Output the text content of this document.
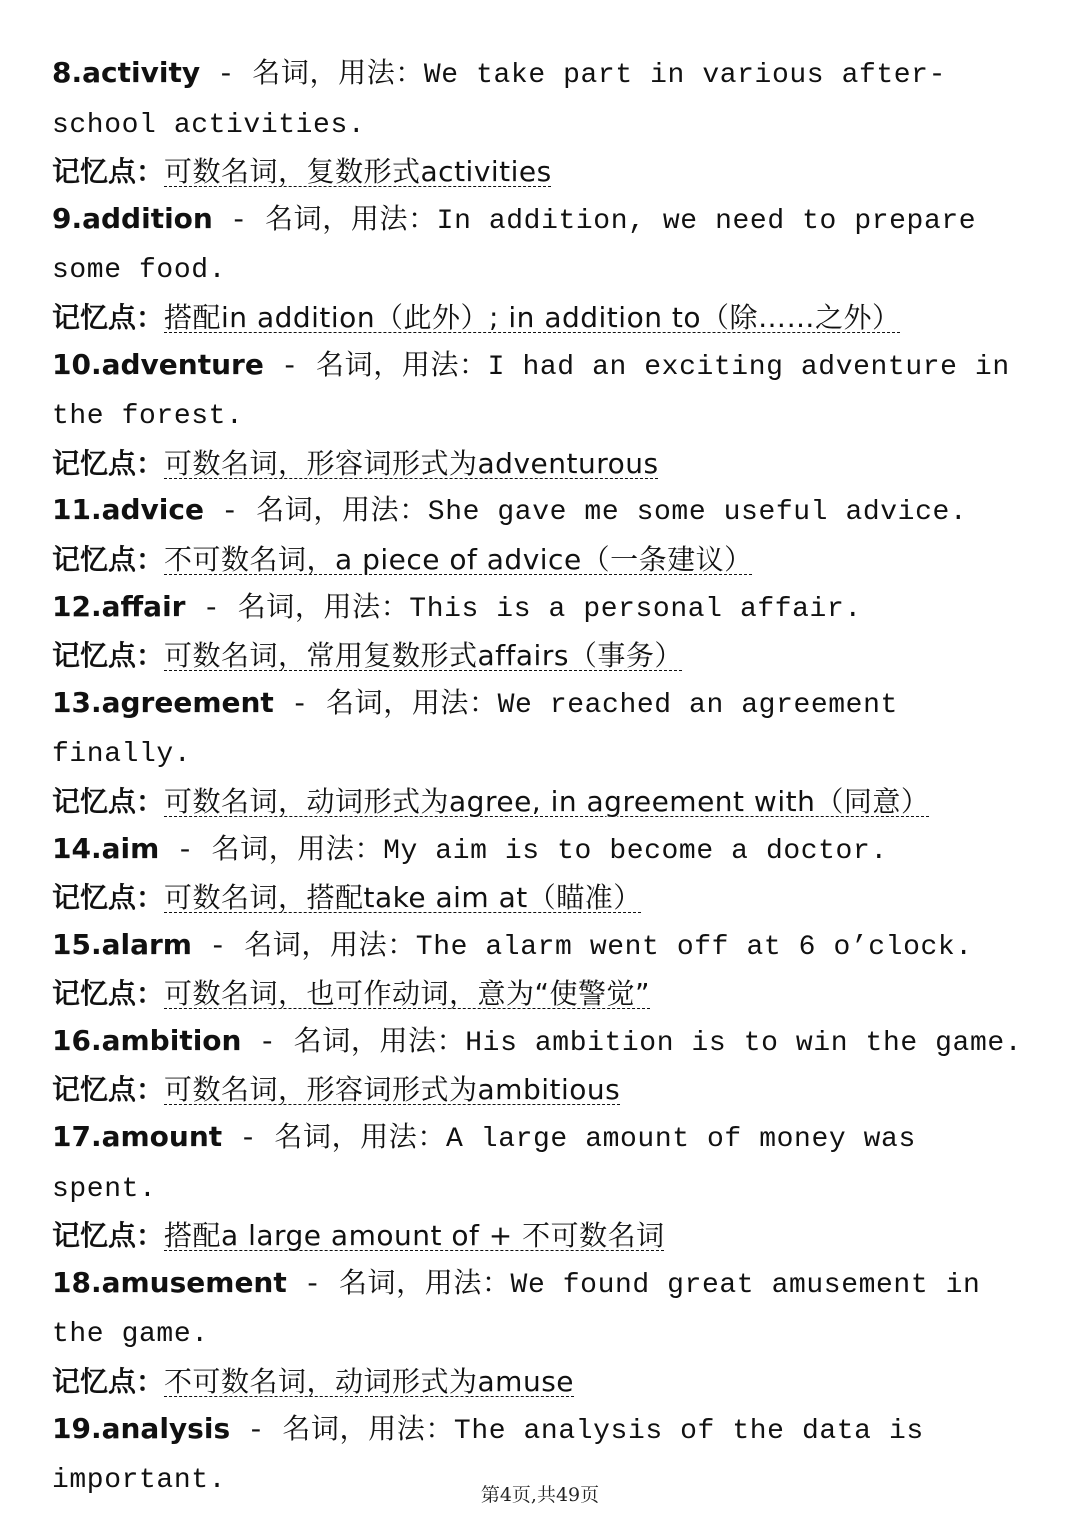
8.activity - 名词，用法：We take part in various after-school activities.
记忆点：可数名词，复数形式activities
9.addition - 名词，用法：In addition, we need to prepare some food.
记忆点：搭配in addition（此外）; in addition to（除……之外）
10.adventure - 名词，用法：I had an exciting adventure in the forest.
记忆点：可数名词，形容词形式为adventurous
11.advice - 名词，用法：She gave me some useful advice.
记忆点：不可数名词，a piece of advice（一条建议）
12.affair - 名词，用法：This is a personal affair.
记忆点：可数名词，常用复数形式affairs（事务）
13.agreement - 名词，用法：We reached an agreement finally.
记忆点：可数名词，动词形式为agree, in agreement with（同意）
14.aim - 名词，用法：My aim is to become a doctor.
记忆点：可数名词，搭配take aim at（瞄准）
15.alarm - 名词，用法：The alarm went off at 6 o’clock.
记忆点：可数名词，也可作动词，意为“使警觉”
16.ambition - 名词，用法：His ambition is to win the game.
记忆点：可数名词，形容词形式为ambitious
17.amount - 名词，用法：A large amount of money was spent.
记忆点：搭配a large amount of + 不可数名词
18.amusement - 名词，用法：We found great amusement in the game.
记忆点：不可数名词，动词形式为amuse
19.analysis - 名词，用法：The analysis of the data is important.	第4页,共49页
